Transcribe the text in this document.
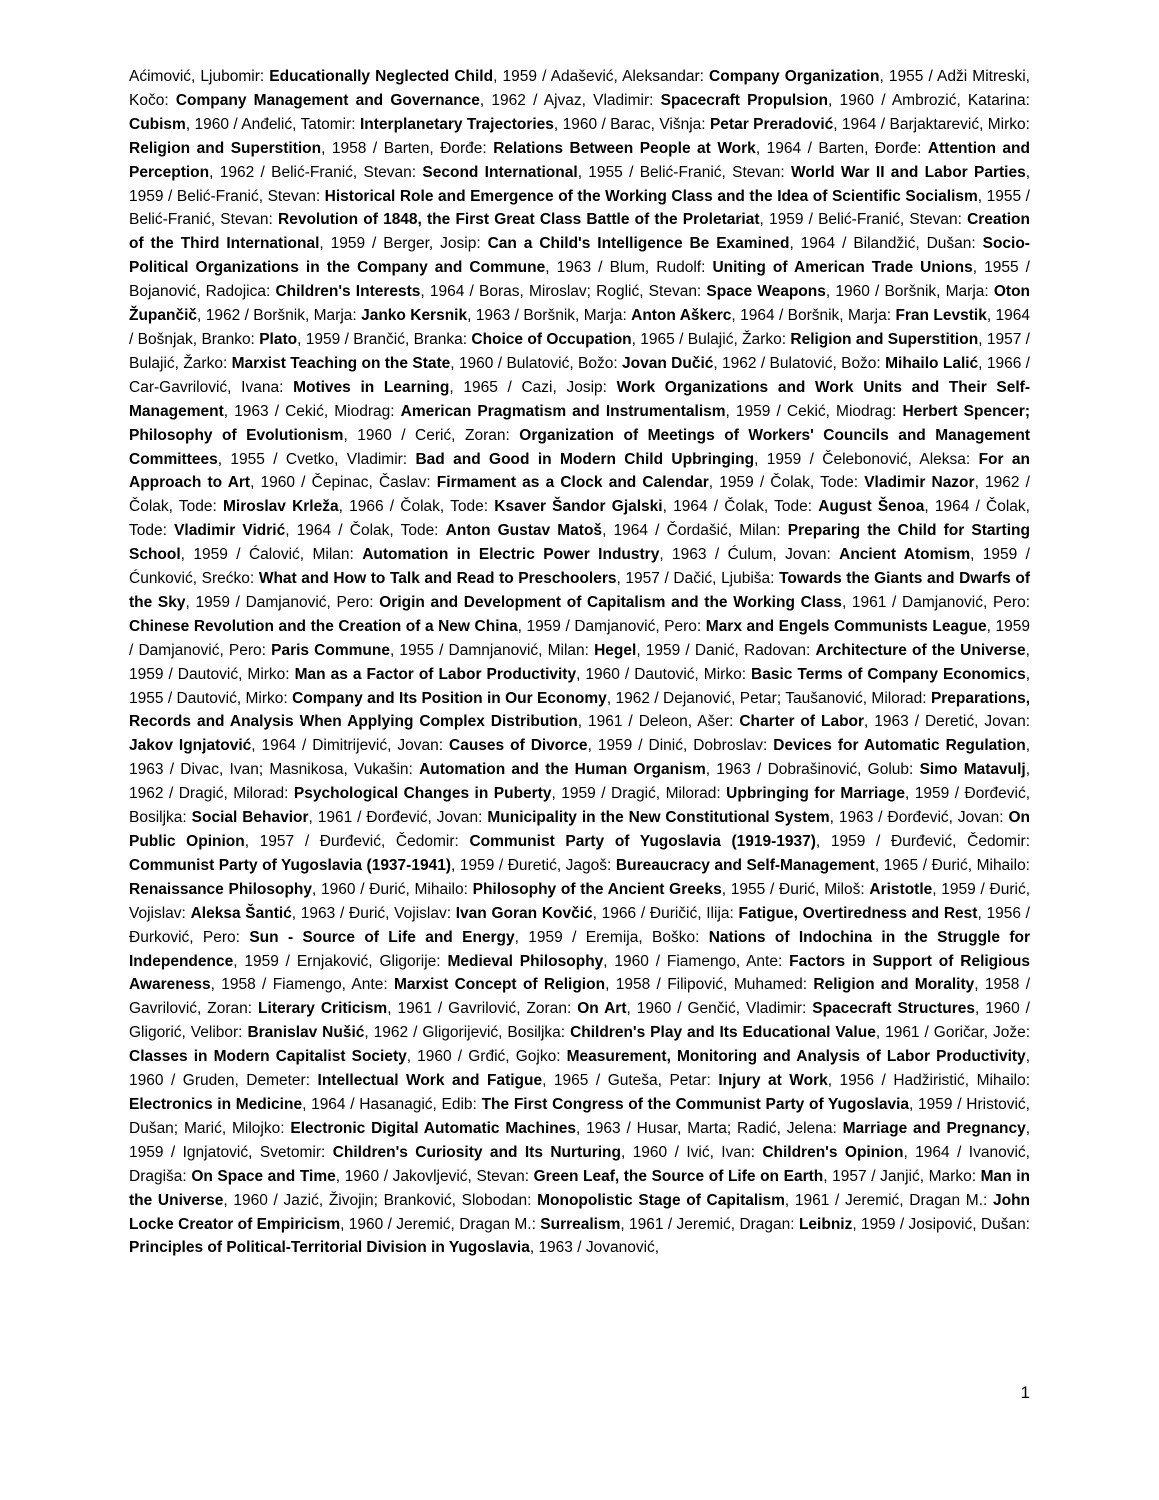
Aćimović, Ljubomir: Educationally Neglected Child, 1959 / Adašević, Aleksandar: Company Organization, 1955 / Adži Mitreski, Kočo: Company Management and Governance, 1962 / Ajvaz, Vladimir: Spacecraft Propulsion, 1960 / Ambrozić, Katarina: Cubism, 1960 / Anđelić, Tatomir: Interplanetary Trajectories, 1960 / Barac, Višnja: Petar Preradović, 1964 / Barjaktarević, Mirko: Religion and Superstition, 1958 / Barten, Đorđe: Relations Between People at Work, 1964 / Barten, Đorđe: Attention and Perception, 1962 / Belić-Franić, Stevan: Second International, 1955 / Belić-Franić, Stevan: World War II and Labor Parties, 1959 / Belić-Franić, Stevan: Historical Role and Emergence of the Working Class and the Idea of Scientific Socialism, 1955 / Belić-Franić, Stevan: Revolution of 1848, the First Great Class Battle of the Proletariat, 1959 / Belić-Franić, Stevan: Creation of the Third International, 1959 / Berger, Josip: Can a Child's Intelligence Be Examined, 1964 / Bilandžić, Dušan: Socio-Political Organizations in the Company and Commune, 1963 / Blum, Rudolf: Uniting of American Trade Unions, 1955 / Bojanović, Radojica: Children's Interests, 1964 / Boras, Miroslav; Roglić, Stevan: Space Weapons, 1960 / Boršnik, Marja: Oton Župančič, 1962 / Boršnik, Marja: Janko Kersnik, 1963 / Boršnik, Marja: Anton Aškerc, 1964 / Boršnik, Marja: Fran Levstik, 1964 / Bošnjak, Branko: Plato, 1959 / Brančić, Branka: Choice of Occupation, 1965 / Bulajić, Žarko: Religion and Superstition, 1957 / Bulajić, Žarko: Marxist Teaching on the State, 1960 / Bulatović, Božo: Jovan Dučić, 1962 / Bulatović, Božo: Mihailo Lalić, 1966 / Car-Gavrilović, Ivana: Motives in Learning, 1965 / Cazi, Josip: Work Organizations and Work Units and Their Self-Management, 1963 / Cekić, Miodrag: American Pragmatism and Instrumentalism, 1959 / Cekić, Miodrag: Herbert Spencer; Philosophy of Evolutionism, 1960 / Cerić, Zoran: Organization of Meetings of Workers' Councils and Management Committees, 1955 / Cvetko, Vladimir: Bad and Good in Modern Child Upbringing, 1959 / Čelebonović, Aleksa: For an Approach to Art, 1960 / Čepinac, Časlav: Firmament as a Clock and Calendar, 1959 / Čolak, Tode: Vladimir Nazor, 1962 / Čolak, Tode: Miroslav Krleža, 1966 / Čolak, Tode: Ksaver Šandor Gjalski, 1964 / Čolak, Tode: August Šenoa, 1964 / Čolak, Tode: Vladimir Vidrić, 1964 / Čolak, Tode: Anton Gustav Matoš, 1964 / Čordašić, Milan: Preparing the Child for Starting School, 1959 / Ćalović, Milan: Automation in Electric Power Industry, 1963 / Ćulum, Jovan: Ancient Atomism, 1959 / Ćunković, Srećko: What and How to Talk and Read to Preschoolers, 1957 / Dačić, Ljubiša: Towards the Giants and Dwarfs of the Sky, 1959 / Damjanović, Pero: Origin and Development of Capitalism and the Working Class, 1961 / Damjanović, Pero: Chinese Revolution and the Creation of a New China, 1959 / Damjanović, Pero: Marx and Engels Communists League, 1959 / Damjanović, Pero: Paris Commune, 1955 / Damnjanović, Milan: Hegel, 1959 / Danić, Radovan: Architecture of the Universe, 1959 / Dautović, Mirko: Man as a Factor of Labor Productivity, 1960 / Dautović, Mirko: Basic Terms of Company Economics, 1955 / Dautović, Mirko: Company and Its Position in Our Economy, 1962 / Dejanović, Petar; Taušanović, Milorad: Preparations, Records and Analysis When Applying Complex Distribution, 1961 / Deleon, Ašer: Charter of Labor, 1963 / Deretić, Jovan: Jakov Ignjatović, 1964 / Dimitrijević, Jovan: Causes of Divorce, 1959 / Dinić, Dobroslav: Devices for Automatic Regulation, 1963 / Divac, Ivan; Masnikosa, Vukašin: Automation and the Human Organism, 1963 / Dobrašinović, Golub: Simo Matavulj, 1962 / Dragić, Milorad: Psychological Changes in Puberty, 1959 / Dragić, Milorad: Upbringing for Marriage, 1959 / Đorđević, Bosiljka: Social Behavior, 1961 / Đorđević, Jovan: Municipality in the New Constitutional System, 1963 / Đorđević, Jovan: On Public Opinion, 1957 / Đurđević, Čedomir: Communist Party of Yugoslavia (1919-1937), 1959 / Đurđević, Čedomir: Communist Party of Yugoslavia (1937-1941), 1959 / Đuretić, Jagoš: Bureaucracy and Self-Management, 1965 / Đurić, Mihailo: Renaissance Philosophy, 1960 / Đurić, Mihailo: Philosophy of the Ancient Greeks, 1955 / Đurić, Miloš: Aristotle, 1959 / Đurić, Vojislav: Aleksa Šantić, 1963 / Đurić, Vojislav: Ivan Goran Kovčić, 1966 / Đuričić, Ilija: Fatigue, Overtiredness and Rest, 1956 / Đurković, Pero: Sun - Source of Life and Energy, 1959 / Eremija, Boško: Nations of Indochina in the Struggle for Independence, 1959 / Ernjaković, Gligorije: Medieval Philosophy, 1960 / Fiamengo, Ante: Factors in Support of Religious Awareness, 1958 / Fiamengo, Ante: Marxist Concept of Religion, 1958 / Filipović, Muhamed: Religion and Morality, 1958 / Gavrilović, Zoran: Literary Criticism, 1961 / Gavrilović, Zoran: On Art, 1960 / Genčić, Vladimir: Spacecraft Structures, 1960 / Gligorić, Velibor: Branislav Nušić, 1962 / Gligorijević, Bosiljka: Children's Play and Its Educational Value, 1961 / Goričar, Jože: Classes in Modern Capitalist Society, 1960 / Grđić, Gojko: Measurement, Monitoring and Analysis of Labor Productivity, 1960 / Gruden, Demeter: Intellectual Work and Fatigue, 1965 / Guteša, Petar: Injury at Work, 1956 / Hadžiristić, Mihailo: Electronics in Medicine, 1964 / Hasanagić, Edib: The First Congress of the Communist Party of Yugoslavia, 1959 / Hristović, Dušan; Marić, Milojko: Electronic Digital Automatic Machines, 1963 / Husar, Marta; Radić, Jelena: Marriage and Pregnancy, 1959 / Ignjatović, Svetomir: Children's Curiosity and Its Nurturing, 1960 / Ivić, Ivan: Children's Opinion, 1964 / Ivanović, Dragiša: On Space and Time, 1960 / Jakovljević, Stevan: Green Leaf, the Source of Life on Earth, 1957 / Janjić, Marko: Man in the Universe, 1960 / Jazić, Živojin; Branković, Slobodan: Monopolistic Stage of Capitalism, 1961 / Jeremić, Dragan M.: John Locke Creator of Empiricism, 1960 / Jeremić, Dragan M.: Surrealism, 1961 / Jeremić, Dragan: Leibniz, 1959 / Josipović, Dušan: Principles of Political-Territorial Division in Yugoslavia, 1963 / Jovanović,

1
